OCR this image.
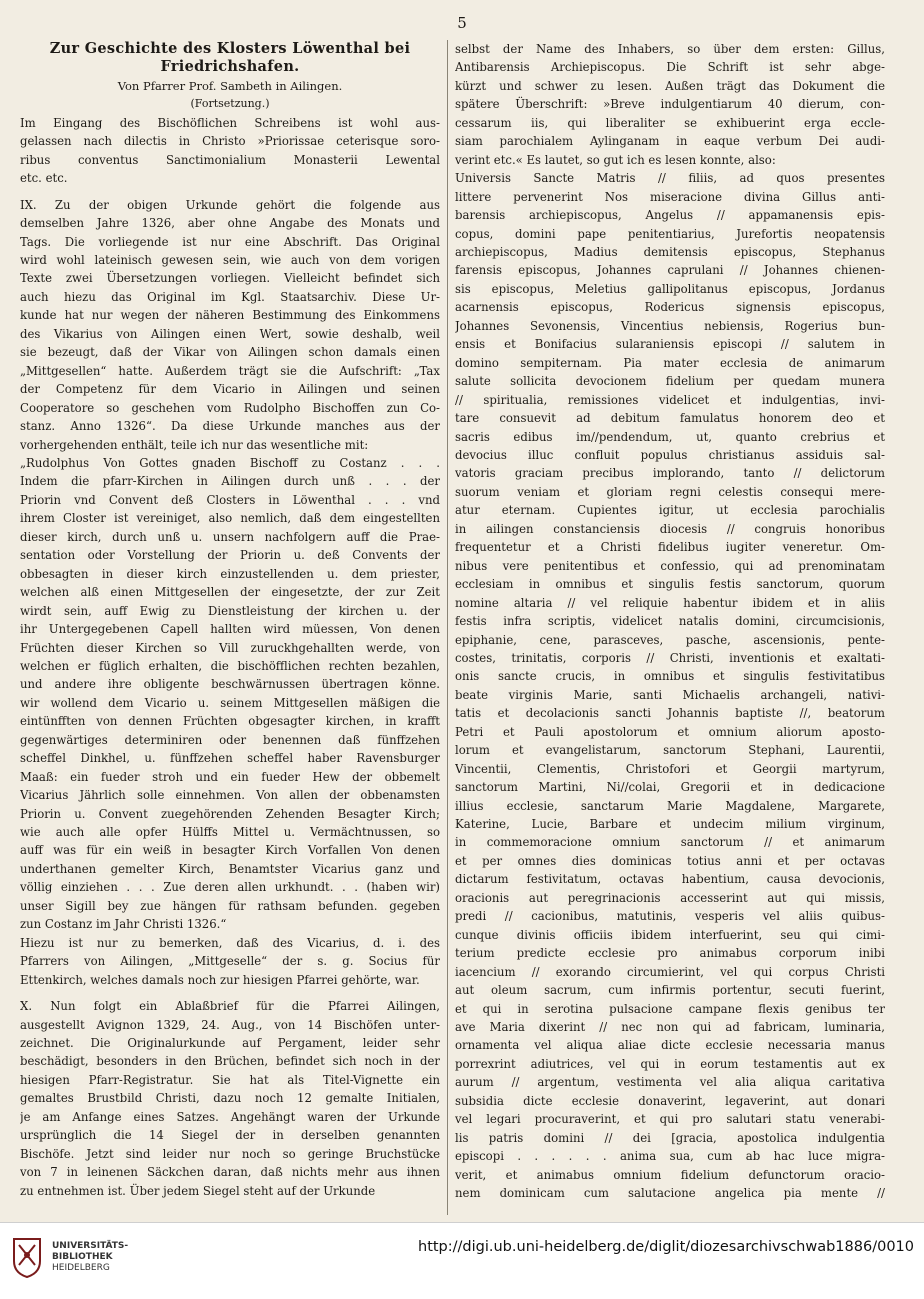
5
Zur Geschichte des Klosters Löwenthal bei
Friedrichshafen.
Von Pfarrer Prof. Sambeth in Ailingen.
(Fortsetzung.)
Im Eingang des Bischöflichen Schreibens ist wohl aus-
gelassen nach dilectis in Christo »Priorissae ceterisque soro-
ribus conventus Sanctimonialium Monasterii Lewental
etc. etc.
IX. Zu der obigen Urkunde gehört die folgende aus
demselben Jahre 1326, aber ohne Angabe des Monats und
Tags. Die vorliegende ist nur eine Abschrift. Das Original
wird wohl lateinisch gewesen sein, wie auch von dem vorigen
Texte zwei Übersetzungen vorliegen. Vielleicht befindet sich
auch hiezu das Original im Kgl. Staatsarchiv. Diese Ur-
kunde hat nur wegen der näheren Bestimmung des Einkommens
des Vikarius von Ailingen einen Wert, sowie deshalb, weil
sie bezeugt, daß der Vikar von Ailingen schon damals einen
„Mittgesellen“ hatte. Außerdem trägt sie die Aufschrift: „Tax
der Competenz für dem Vicario in Ailingen und seinen
Cooperatore so geschehen vom Rudolpho Bischoffen zun Co-
stanz. Anno 1326“. Da diese Urkunde manches aus der
vorhergehenden enthält, teile ich nur das wesentliche mit:
„Rudolphus Von Gottes gnaden Bischoff zu Costanz . . .
Indem die pfarr-Kirchen in Ailingen durch unß . . . der
Priorin vnd Convent deß Closters in Löwenthal . . . vnd
ihrem Closter ist vereiniget, also nemlich, daß dem eingestellten
dieser kirch, durch unß u. unsern nachfolgern auff die Prae-
sentation oder Vorstellung der Priorin u. deß Convents der
obbesagten in dieser kirch einzustellenden u. dem priester,
welchen alß einen Mittgesellen der eingesetzte, der zur Zeit
wirdt sein, auff Ewig zu Dienstleistung der kirchen u. der
ihr Untergegebenen Capell hallten wird müessen, Von denen
Früchten dieser Kirchen so Vill zuruckhgehallten werde, von
welchen er füglich erhalten, die bischöfflichen rechten bezahlen,
und andere ihre obligente beschwärnussen übertragen könne.
wir wollend dem Vicario u. seinem Mittgesellen mäßigen die
eintünfften von dennen Früchten obgesagter kirchen, in krafft
gegenwärtiges determiniren oder benennen daß fünffzehen
scheffel Dinkhel, u. fünffzehen scheffel haber Ravensburger
Maaß: ein fueder stroh und ein fueder Hew der obbemelt
Vicarius Jährlich solle einnehmen. Von allen der obbenamsten
Priorin u. Convent zuegehörenden Zehenden Besagter Kirch;
wie auch alle opfer Hülffs Mittel u. Vermächtnussen, so
auff was für ein weiß in besagter Kirch Vorfallen Von denen
underthanen gemelter Kirch, Benamtster Vicarius ganz und
völlig einziehen . . . Zue deren allen urkhundt. . . (haben wir)
unser Sigill bey zue hängen für rathsam befunden. gegeben
zun Costanz im Jahr Christi 1326.“
Hiezu ist nur zu bemerken, daß des Vicarius, d. i. des
Pfarrers von Ailingen, „Mittgeselle“ der s. g. Socius für
Ettenkirch, welches damals noch zur hiesigen Pfarrei gehörte, war.
X. Nun folgt ein Ablaßbrief für die Pfarrei Ailingen,
ausgestellt Avignon 1329, 24. Aug., von 14 Bischöfen unter-
zeichnet. Die Originalurkunde auf Pergament, leider sehr
beschädigt, besonders in den Brüchen, befindet sich noch in der
hiesigen Pfarr-Registratur. Sie hat als Titel-Vignette ein
gemaltes Brustbild Christi, dazu noch 12 gemalte Initialen,
je am Anfange eines Satzes. Angehängt waren der Urkunde
ursprünglich die 14 Siegel der in derselben genannten
Bischöfe. Jetzt sind leider nur noch so geringe Bruchstücke
von 7 in leinenen Säckchen daran, daß nichts mehr aus ihnen
zu entnehmen ist. Über jedem Siegel steht auf der Urkunde
selbst der Name des Inhabers, so über dem ersten: Gillus,
Antibarensis Archiepiscopus. Die Schrift ist sehr abge-
kürzt und schwer zu lesen. Außen trägt das Dokument die
spätere Überschrift: »Breve indulgentiarum 40 dierum, con-
cessarum iis, qui liberaliter se exhibuerint erga eccle-
siam parochialem Aylinganam in eaque verbum Dei audi-
verint etc.« Es lautet, so gut ich es lesen konnte, also:
Universis Sancte Matris // filiis, ad quos presentes
littere pervenerint Nos miseracione divina Gillus anti-
barensis archiepiscopus, Angelus // appamanensis epis-
copus, domini pape penitentiarius, Jurefortis neopatensis
archiepiscopus, Madius demitensis episcopus, Stephanus
farensis episcopus, Johannes caprulani // Johannes chienen-
sis episcopus, Meletius gallipolitanus episcopus, Jordanus
acarnensis episcopus, Rodericus signensis episcopus,
Johannes Sevonensis, Vincentius nebiensis, Rogerius bun-
ensis et Bonifacius sularaniensis episcopi // salutem in
domino sempiternam. Pia mater ecclesia de animarum
salute sollicita devocionem fidelium per quedam munera
// spiritualia, remissiones videlicet et indulgentias, invi-
tare consuevit ad debitum famulatus honorem deo et
sacris edibus im//pendendum, ut, quanto crebrius et
devocius illuc confluit populus christianus assiduis sal-
vatoris graciam precibus implorando, tanto // delictorum
suorum veniam et gloriam regni celestis consequi mere-
atur eternam. Cupientes igitur, ut ecclesia parochialis
in ailingen constanciensis diocesis // congruis honoribus
frequentetur et a Christi fidelibus iugiter veneretur. Om-
nibus vere penitentibus et confessio, qui ad prenominatam
ecclesiam in omnibus et singulis festis sanctorum, quorum
nomine altaria // vel reliquie habentur ibidem et in aliis
festis infra scriptis, videlicet natalis domini, circumcisionis,
epiphanie, cene, parasceves, pasche, ascensionis, pente-
costes, trinitatis, corporis // Christi, inventionis et exaltati-
onis sancte crucis, in omnibus et singulis festivitatibus
beate virginis Marie, santi Michaelis archangeli, nativi-
tatis et decolacionis sancti Johannis baptiste //, beatorum
Petri et Pauli apostolorum et omnium aliorum aposto-
lorum et evangelistarum, sanctorum Stephani, Laurentii,
Vincentii, Clementis, Christofori et Georgii martyrum,
sanctorum Martini, Ni//colai, Gregorii et in dedicacione
illius ecclesie, sanctarum Marie Magdalene, Margarete,
Katerine, Lucie, Barbare et undecim milium virginum,
in commemoracione omnium sanctorum // et animarum
et per omnes dies dominicas totius anni et per octavas
dictarum festivitatum, octavas habentium, causa devocionis,
oracionis aut peregrinacionis accesserint aut qui missis,
predi // cacionibus, matutinis, vesperis vel aliis quibus-
cunque divinis officiis ibidem interfuerint, seu qui cimi-
terium predicte ecclesie pro animabus corporum inibi
iacencium // exorando circumierint, vel qui corpus Christi
aut oleum sacrum, cum infirmis portentur, secuti fuerint,
et qui in serotina pulsacione campane flexis genibus ter
ave Maria dixerint // nec non qui ad fabricam, luminaria,
ornamenta vel aliqua aliae dicte ecclesie necessaria manus
porrexrint adiutrices, vel qui in eorum testamentis aut ex
aurum // argentum, vestimenta vel alia aliqua caritativa
subsidia dicte ecclesie donaverint, legaverint, aut donari
vel legari procuraverint, et qui pro salutari statu venerabi-
lis patris domini // dei [gracia, apostolica indulgentia
episcopi . . . . . . anima sua, cum ab hac luce migra-
verit, et animabus omnium fidelium defunctorum oracio-
nem dominicam cum salutacione angelica pia mente //
UNIVERSITÄTS-
BIBLIOTHEK
HEIDELBERG
http://digi.ub.uni-heidelberg.de/diglit/diozesarchivschwab1886/0010
